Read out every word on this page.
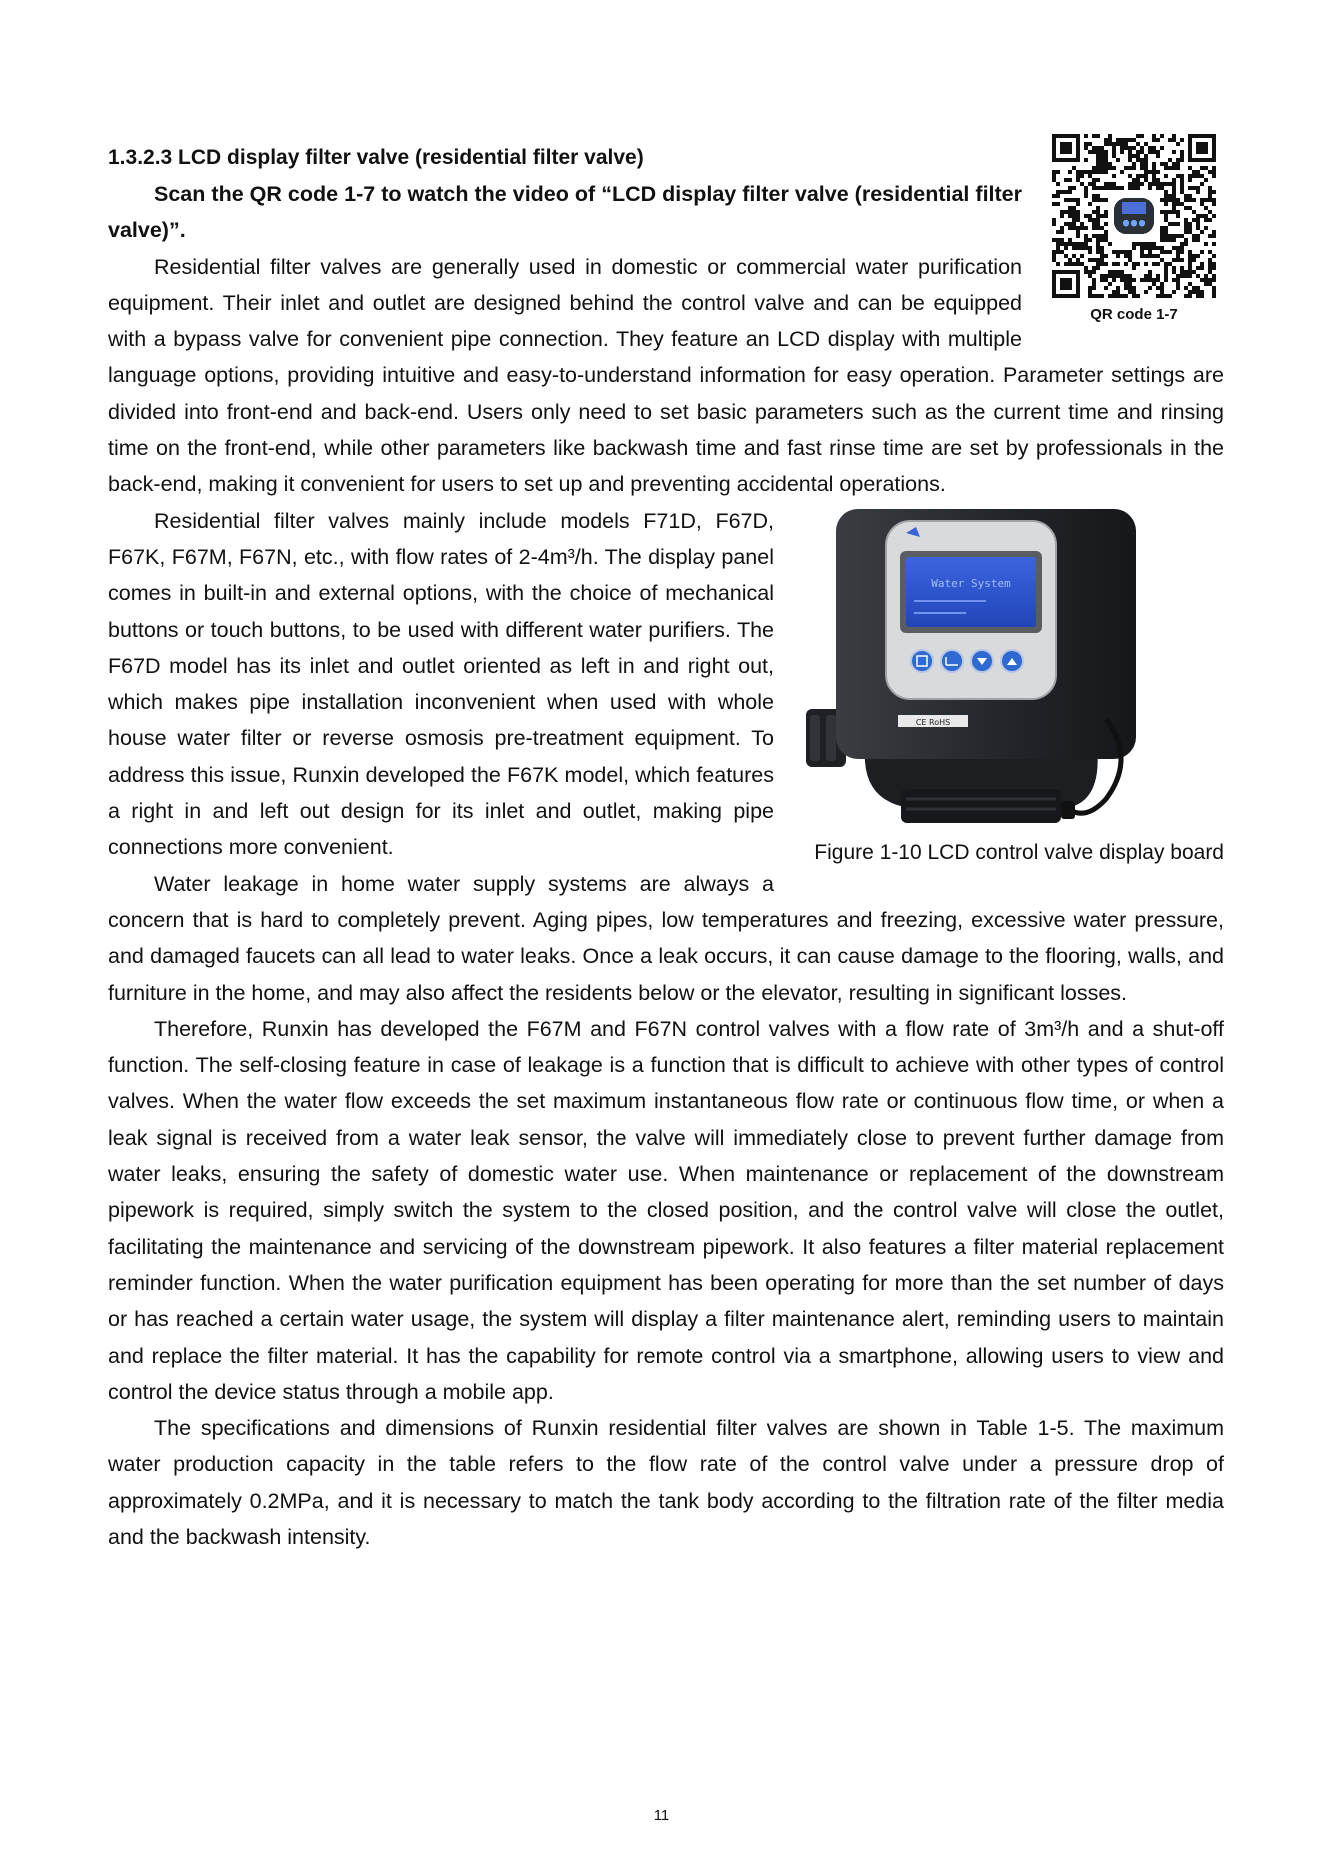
QR code 1-7
1.3.2.3 LCD display filter valve (residential filter valve)

Scan the QR code 1-7 to watch the video of “LCD display filter valve (residential filter valve)”.

Residential filter valves are generally used in domestic or commercial water purification equipment. Their inlet and outlet are designed behind the control valve and can be equipped with a bypass valve for convenient pipe connection. They feature an LCD display with multiple language options, providing intuitive and easy-to-understand information for easy operation. Parameter settings are divided into front-end and back-end. Users only need to set basic parameters such as the current time and rinsing time on the front-end, while other parameters like backwash time and fast rinse time are set by professionals in the back-end, making it convenient for users to set up and preventing accidental operations.

Water System
CE RoHS
Figure 1-10 LCD control valve display board

Residential filter valves mainly include models F71D, F67D, F67K, F67M, F67N, etc., with flow rates of 2-4m³/h. The display panel comes in built-in and external options, with the choice of mechanical buttons or touch buttons, to be used with different water purifiers. The F67D model has its inlet and outlet oriented as left in and right out, which makes pipe installation inconvenient when used with whole house water filter or reverse osmosis pre-treatment equipment. To address this issue, Runxin developed the F67K model, which features a right in and left out design for its inlet and outlet, making pipe connections more convenient.

Water leakage in home water supply systems are always a concern that is hard to completely prevent. Aging pipes, low temperatures and freezing, excessive water pressure, and damaged faucets can all lead to water leaks. Once a leak occurs, it can cause damage to the flooring, walls, and furniture in the home, and may also affect the residents below or the elevator, resulting in significant losses.

Therefore, Runxin has developed the F67M and F67N control valves with a flow rate of 3m³/h and a shut-off function. The self-closing feature in case of leakage is a function that is difficult to achieve with other types of control valves. When the water flow exceeds the set maximum instantaneous flow rate or continuous flow time, or when a leak signal is received from a water leak sensor, the valve will immediately close to prevent further damage from water leaks, ensuring the safety of domestic water use. When maintenance or replacement of the downstream pipework is required, simply switch the system to the closed position, and the control valve will close the outlet, facilitating the maintenance and servicing of the downstream pipework. It also features a filter material replacement reminder function. When the water purification equipment has been operating for more than the set number of days or has reached a certain water usage, the system will display a filter maintenance alert, reminding users to maintain and replace the filter material. It has the capability for remote control via a smartphone, allowing users to view and control the device status through a mobile app.

The specifications and dimensions of Runxin residential filter valves are shown in Table 1-5. The maximum water production capacity in the table refers to the flow rate of the control valve under a pressure drop of approximately 0.2MPa, and it is necessary to match the tank body according to the filtration rate of the filter media and the backwash intensity.

11
